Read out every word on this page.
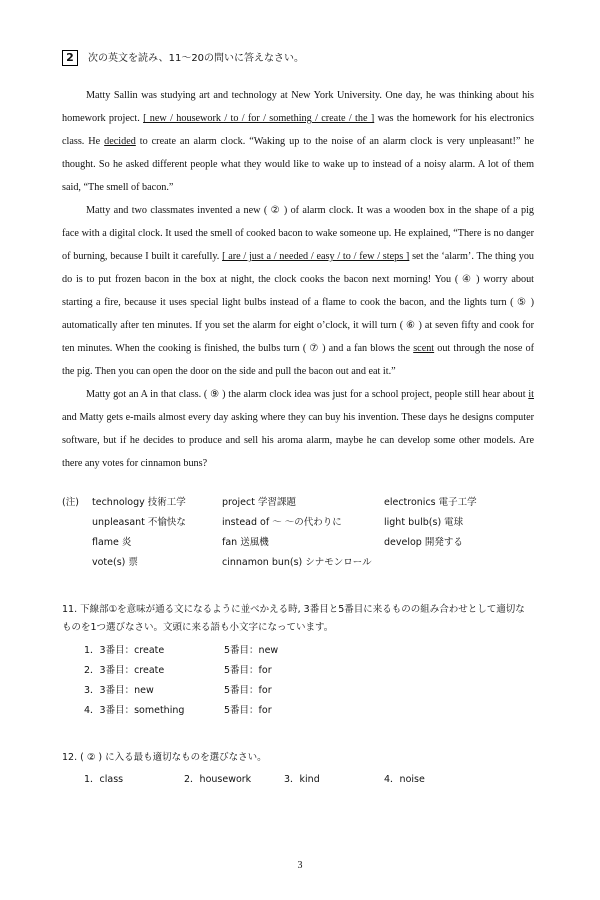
2	次の英文を読み、11〜20の問いに答えなさい。

Matty Sallin was studying art and technology at New York University. One day, he was thinking about his homework project. [ new / housework / to / for / something / create / the ] was the homework for his electronics class. He decided to create an alarm clock. “Waking up to the noise of an alarm clock is very unpleasant!” he thought. So he asked different people what they would like to wake up to instead of a noisy alarm. A lot of them said, “The smell of bacon.”

Matty and two classmates invented a new ( ② ) of alarm clock. It was a wooden box in the shape of a pig face with a digital clock. It used the smell of cooked bacon to wake someone up. He explained, “There is no danger of burning, because I built it carefully. [ are / just a / needed / easy / to / few / steps ] set the ‘alarm’. The thing you do is to put frozen bacon in the box at night, the clock cooks the bacon next morning! You ( ④ ) worry about starting a fire, because it uses special light bulbs instead of a flame to cook the bacon, and the lights turn ( ⑤ ) automatically after ten minutes. If you set the alarm for eight o’clock, it will turn ( ⑥ ) at seven fifty and cook for ten minutes. When the cooking is finished, the bulbs turn ( ⑦ ) and a fan blows the scent out through the nose of the pig. Then you can open the door on the side and pull the bacon out and eat it.”

Matty got an A in that class. ( ⑨ ) the alarm clock idea was just for a school project, people still hear about it and Matty gets e-mails almost every day asking where they can buy his invention. These days he designs computer software, but if he decides to produce and sell his aroma alarm, maybe he can develop some other models. Are there any votes for cinnamon buns?

(注)	technology 技術工学	project 学習課題	electronics 電子工学
unpleasant 不愉快な	instead of 〜 〜の代わりに	light bulb(s) 電球
flame 炎	fan 送風機	develop 開発する
vote(s) 票	cinnamon bun(s) シナモンロール
11. 下線部①を意味が通る文になるように並べかえる時, 3番目と5番目に来るものの組み合わせとして適切なものを1つ選びなさい。文頭に来る語も小文字になっています。
1．3番目：create	5番目：new
2．3番目：create	5番目：for
3．3番目：new	5番目：for
4．3番目：something	5番目：for
12. ( ② ) に入る最も適切なものを選びなさい。
1．class	2．housework	3．kind	4．noise
3
